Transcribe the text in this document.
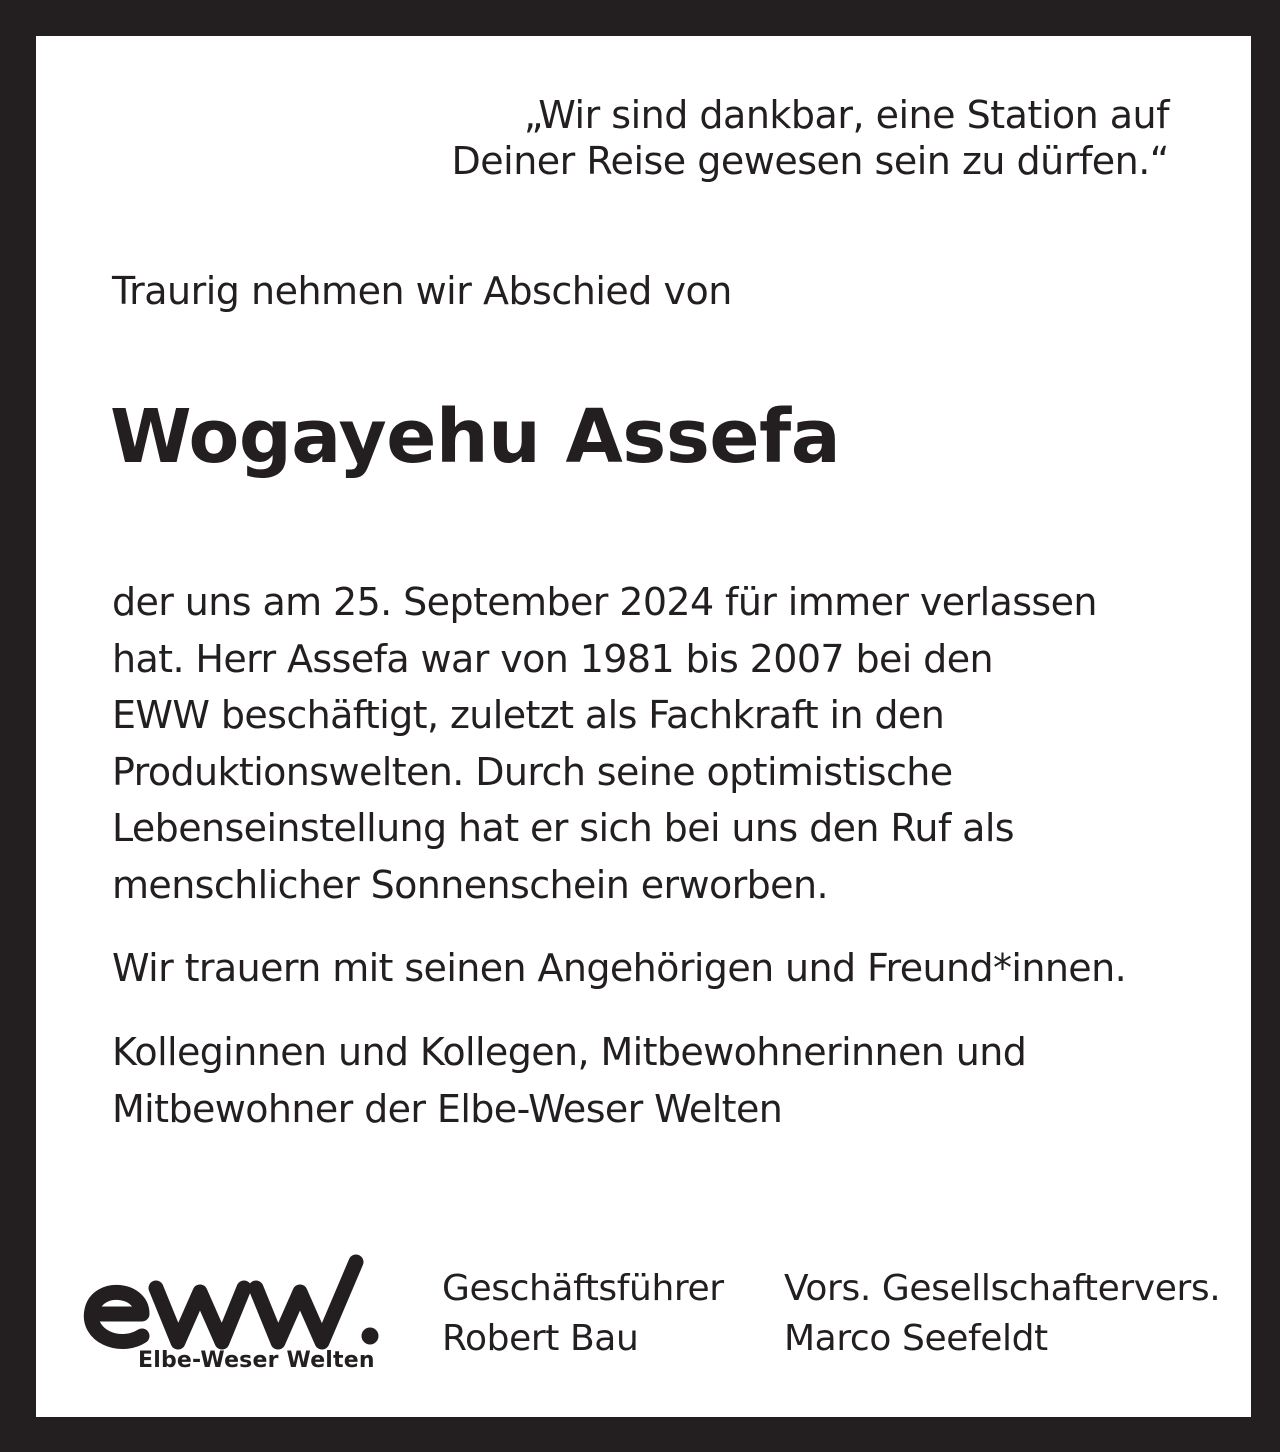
„Wir sind dankbar, eine Station auf
Deiner Reise gewesen sein zu dürfen.“
Traurig nehmen wir Abschied von
Wogayehu Assefa
der uns am 25. September 2024 für immer verlassen
hat. Herr Assefa war von 1981 bis 2007 bei den
EWW beschäftigt, zuletzt als Fachkraft in den
Produktionswelten. Durch seine optimistische
Lebenseinstellung hat er sich bei uns den Ruf als
menschlicher Sonnenschein erworben.
Wir trauern mit seinen Angehörigen und Freund*innen.
Kolleginnen und Kollegen, Mitbewohnerinnen und
Mitbewohner der Elbe-Weser Welten
Elbe-Weser Welten
Geschäftsführer
Robert Bau
Vors. Gesellschaftervers.
Marco Seefeldt
